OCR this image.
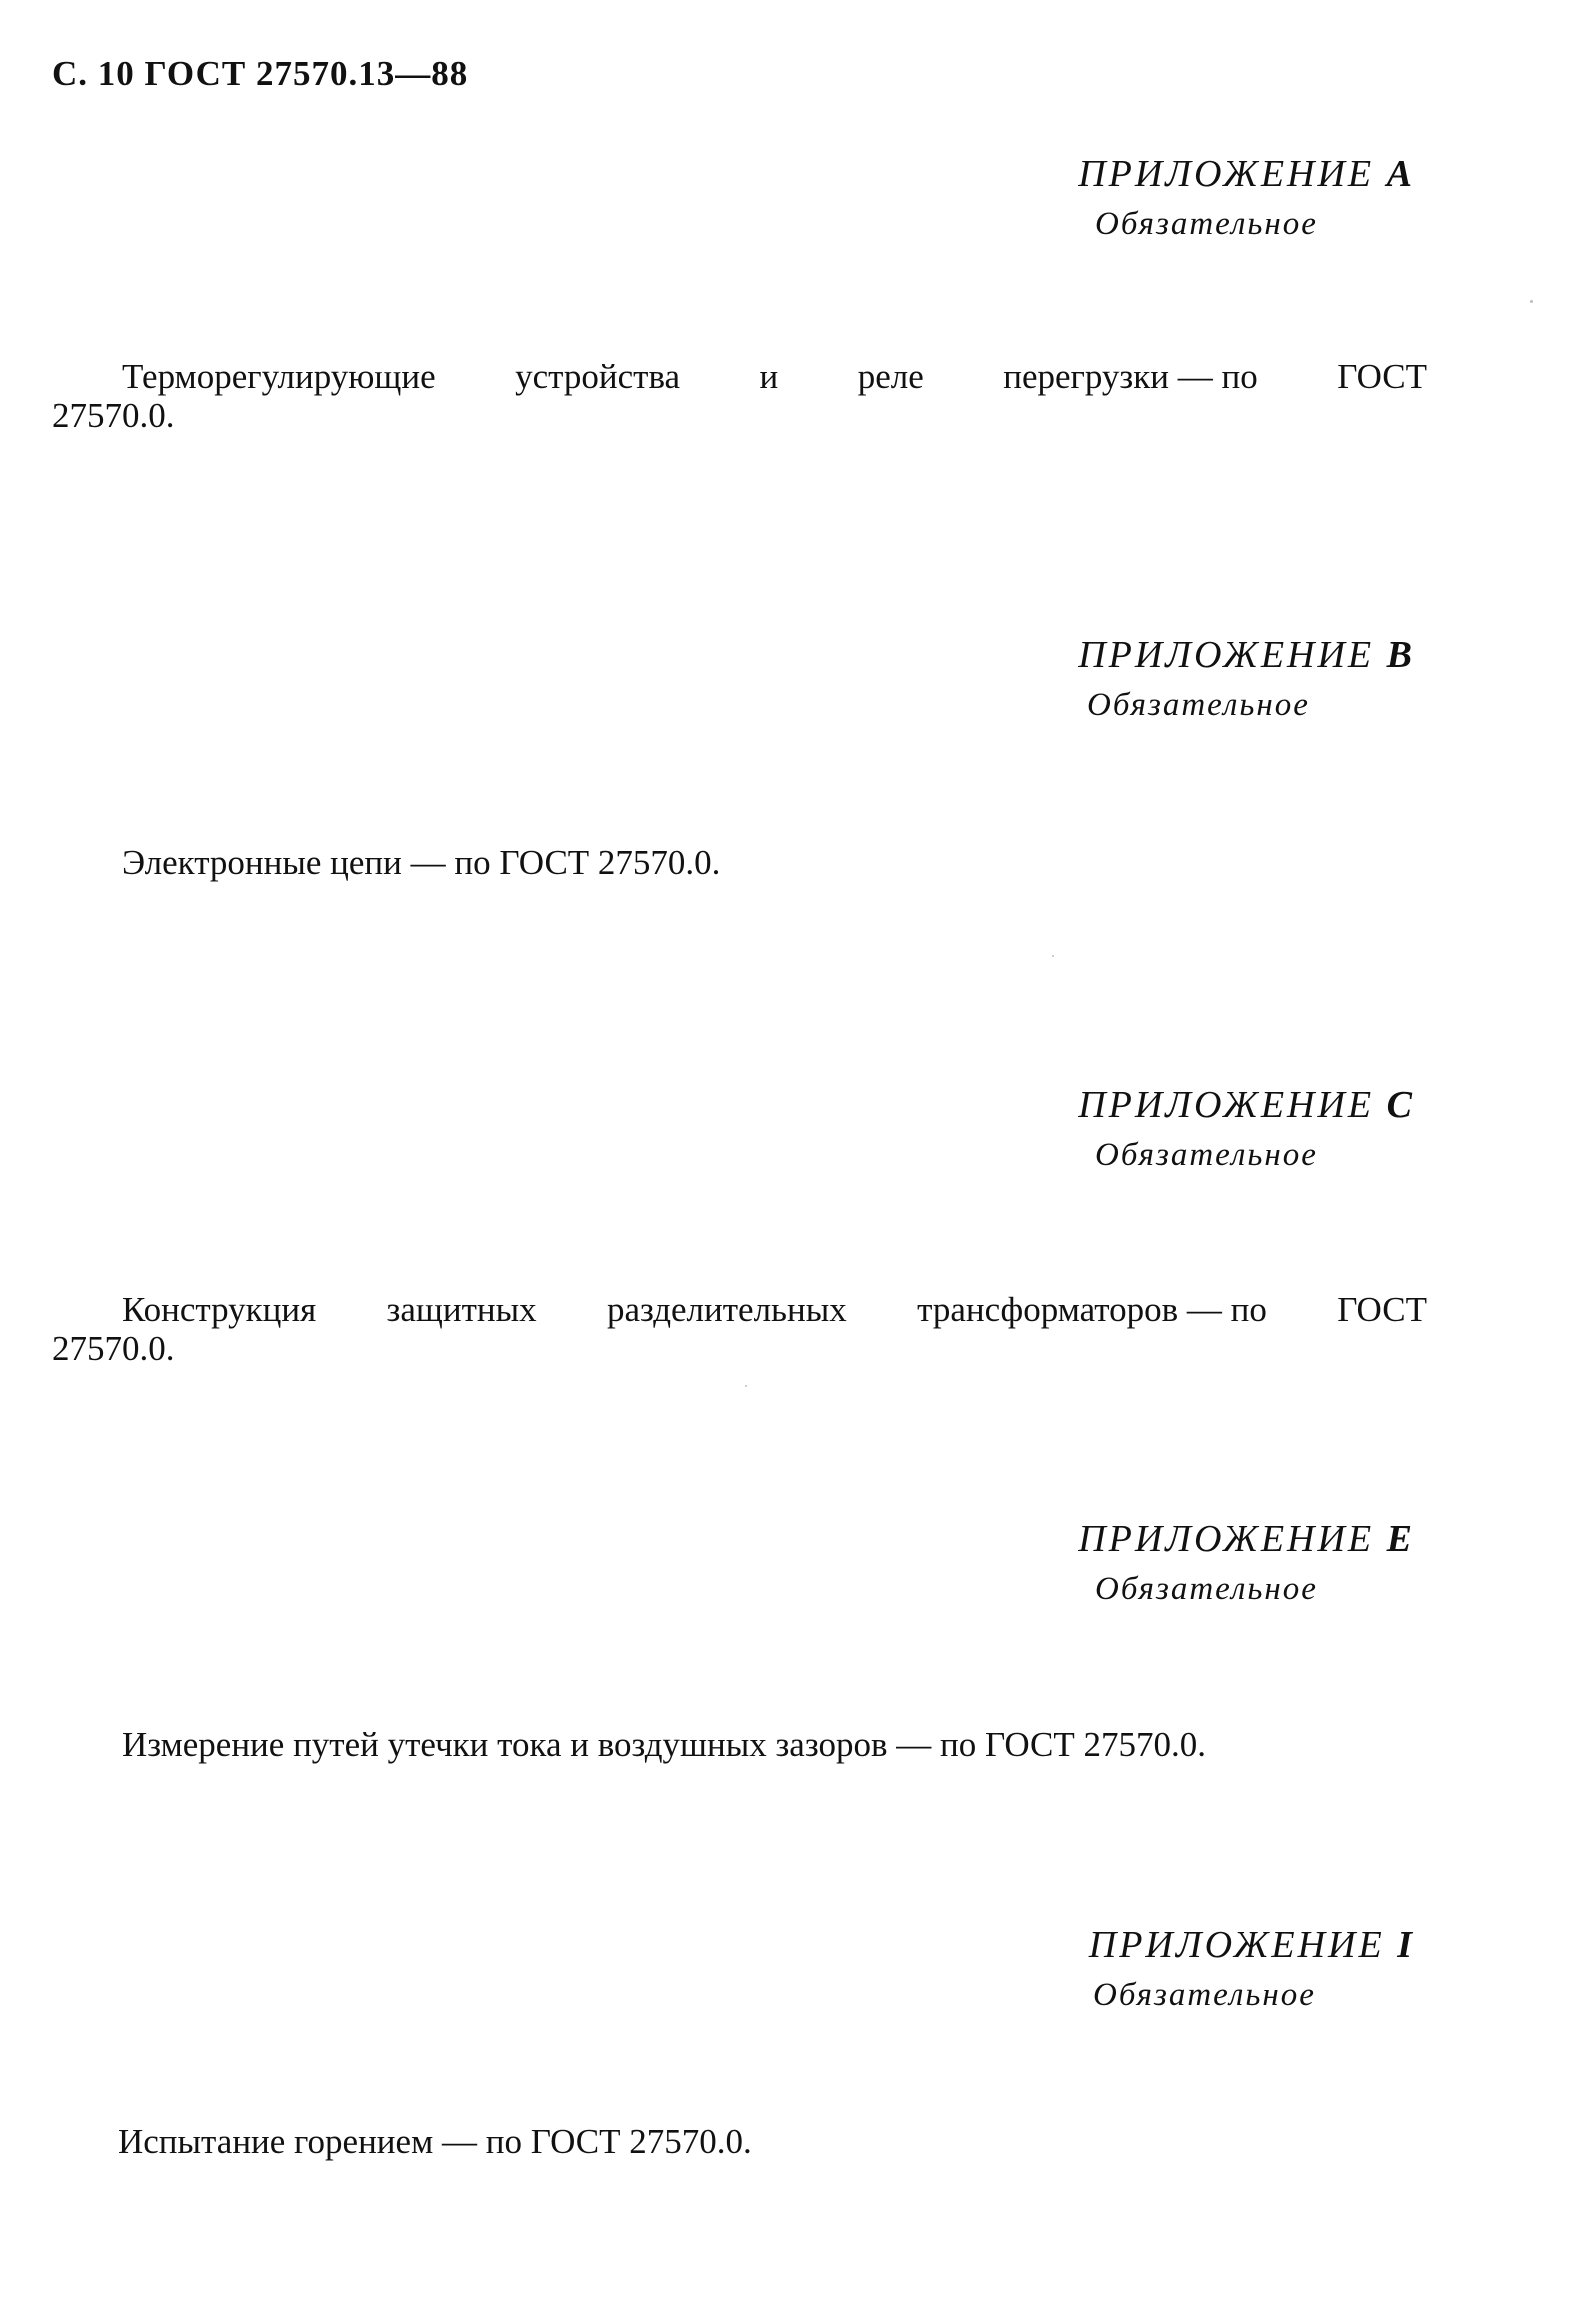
С. 10 ГОСТ 27570.13—88
ПРИЛОЖЕНИЕ A
Обязательное
Терморегулирующие устройства и реле перегрузки — по ГОСТ
27570.0.
ПРИЛОЖЕНИЕ B
Обязательное
Электронные цепи — по ГОСТ 27570.0.
ПРИЛОЖЕНИЕ C
Обязательное
Конструкция защитных разделительных трансформаторов — по ГОСТ
27570.0.
ПРИЛОЖЕНИЕ E
Обязательное
Измерение путей утечки тока и воздушных зазоров — по ГОСТ 27570.0.
ПРИЛОЖЕНИЕ I
Обязательное
Испытание горением — по ГОСТ 27570.0.
